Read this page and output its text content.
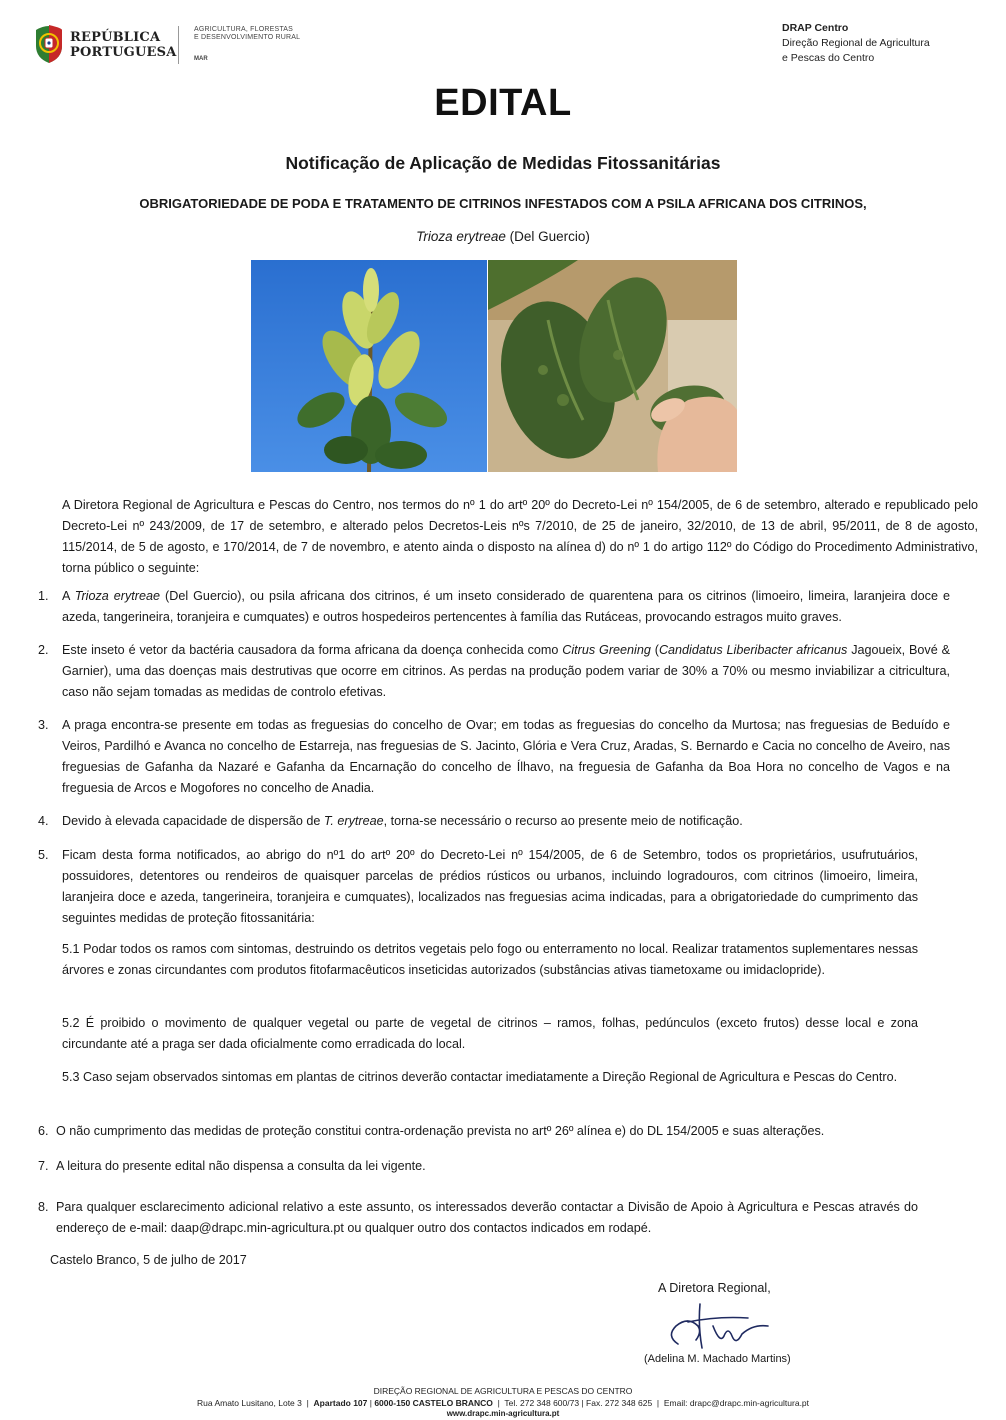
REPÚBLICA
PORTUGUESA
AGRICULTURA, FLORESTAS
E DESENVOLVIMENTO RURAL
MAR
DRAP Centro
Direção Regional de Agricultura
e Pescas do Centro
EDITAL
Notificação de Aplicação de Medidas Fitossanitárias
OBRIGATORIEDADE DE PODA E TRATAMENTO DE CITRINOS INFESTADOS COM A PSILA AFRICANA DOS CITRINOS,
Trioza erytreae (Del Guercio)
A Diretora Regional de Agricultura e Pescas do Centro, nos termos do nº 1 do artº 20º do Decreto-Lei nº 154/2005, de 6 de setembro, alterado e republicado pelo Decreto-Lei nº 243/2009, de 17 de setembro, e alterado pelos Decretos-Leis nºs 7/2010, de 25 de janeiro, 32/2010, de 13 de abril, 95/2011, de 8 de agosto, 115/2014, de 5 de agosto, e 170/2014, de 7 de novembro, e atento ainda o disposto na alínea d) do nº 1 do artigo 112º do Código do Procedimento Administrativo, torna público o seguinte:
1. A Trioza erytreae (Del Guercio), ou psila africana dos citrinos, é um inseto considerado de quarentena para os citrinos (limoeiro, limeira, laranjeira doce e azeda, tangerineira, toranjeira e cumquates) e outros hospedeiros pertencentes à família das Rutáceas, provocando estragos muito graves.
2. Este inseto é vetor da bactéria causadora da forma africana da doença conhecida como Citrus Greening (Candidatus Liberibacter africanus Jagoueix, Bové & Garnier), uma das doenças mais destrutivas que ocorre em citrinos. As perdas na produção podem variar de 30% a 70% ou mesmo inviabilizar a citricultura, caso não sejam tomadas as medidas de controlo efetivas.
3. A praga encontra-se presente em todas as freguesias do concelho de Ovar; em todas as freguesias do concelho da Murtosa; nas freguesias de Beduído e Veiros, Pardilhó e Avanca no concelho de Estarreja, nas freguesias de S. Jacinto, Glória e Vera Cruz, Aradas, S. Bernardo e Cacia no concelho de Aveiro, nas freguesias de Gafanha da Nazaré e Gafanha da Encarnação do concelho de Ílhavo, na freguesia de Gafanha da Boa Hora no concelho de Vagos e na freguesia de Arcos e Mogofores no concelho de Anadia.
4. Devido à elevada capacidade de dispersão de T. erytreae, torna-se necessário o recurso ao presente meio de notificação.
5. Ficam desta forma notificados, ao abrigo do nº1 do artº 20º do Decreto-Lei nº 154/2005, de 6 de Setembro, todos os proprietários, usufrutuários, possuidores, detentores ou rendeiros de quaisquer parcelas de prédios rústicos ou urbanos, incluindo logradouros, com citrinos (limoeiro, limeira, laranjeira doce e azeda, tangerineira, toranjeira e cumquates), localizados nas freguesias acima indicadas, para a obrigatoriedade do cumprimento das seguintes medidas de proteção fitossanitária:
5.1 Podar todos os ramos com sintomas, destruindo os detritos vegetais pelo fogo ou enterramento no local. Realizar tratamentos suplementares nessas árvores e zonas circundantes com produtos fitofarmacêuticos inseticidas autorizados (substâncias ativas tiametoxame ou imidaclopride).
5.2 É proibido o movimento de qualquer vegetal ou parte de vegetal de citrinos – ramos, folhas, pedúnculos (exceto frutos) desse local e zona circundante até a praga ser dada oficialmente como erradicada do local.
5.3 Caso sejam observados sintomas em plantas de citrinos deverão contactar imediatamente a Direção Regional de Agricultura e Pescas do Centro.
6. O não cumprimento das medidas de proteção constitui contra-ordenação prevista no artº 26º alínea e) do DL 154/2005 e suas alterações.
7. A leitura do presente edital não dispensa a consulta da lei vigente.
8. Para qualquer esclarecimento adicional relativo a este assunto, os interessados deverão contactar a Divisão de Apoio à Agricultura e Pescas através do endereço de e-mail: daap@drapc.min-agricultura.pt ou qualquer outro dos contactos indicados em rodapé.
Castelo Branco, 5 de julho de 2017
A Diretora Regional,
(Adelina M. Machado Martins)
DIREÇÃO REGIONAL DE AGRICULTURA E PESCAS DO CENTRO
Rua Amato Lusitano, Lote 3  |  Apartado 107 | 6000-150 CASTELO BRANCO  |  Tel. 272 348 600/73 | Fax. 272 348 625  |  Email: drapc@drapc.min-agricultura.pt
www.drapc.min-agricultura.pt
